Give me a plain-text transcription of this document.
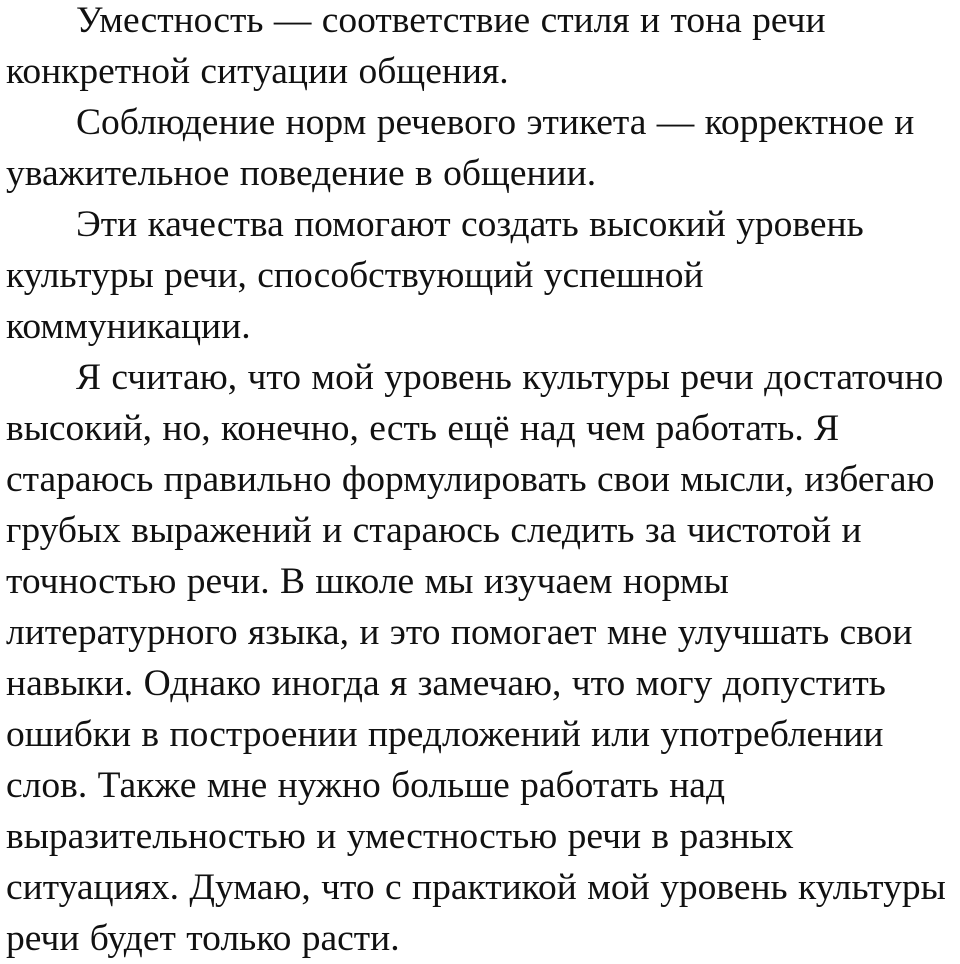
Уместность — соответствие стиля и тона речи конкретной ситуации общения.

Соблюдение норм речевого этикета — корректное и уважительное поведение в общении.

Эти качества помогают создать высокий уровень культуры речи, способствующий успешной коммуникации.

Я считаю, что мой уровень культуры речи достаточно высокий, но, конечно, есть ещё над чем работать. Я стараюсь правильно формулировать свои мысли, избегаю грубых выражений и стараюсь следить за чистотой и точностью речи. В школе мы изучаем нормы литературного языка, и это помогает мне улучшать свои навыки. Однако иногда я замечаю, что могу допустить ошибки в построении предложений или употреблении слов. Также мне нужно больше работать над выразительностью и уместностью речи в разных ситуациях. Думаю, что с практикой мой уровень культуры речи будет только расти.
